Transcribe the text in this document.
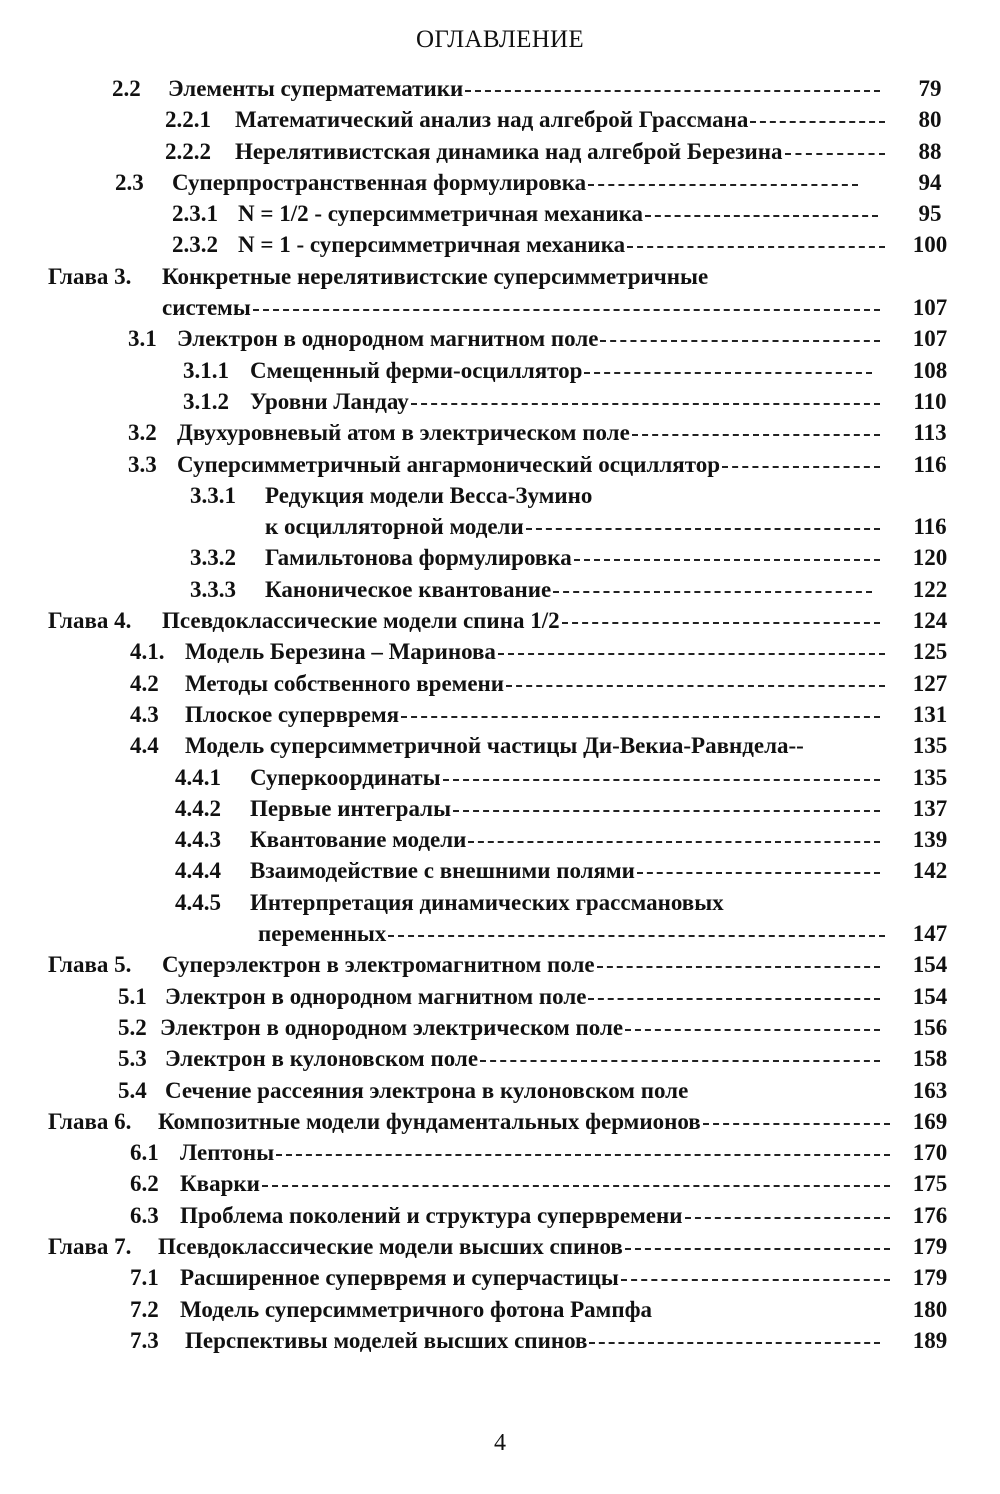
ОГЛАВЛЕНИЕ
2.2 Элементы суперматематики	79
2.2.1 Математический анализ над алгеброй Грассмана	80
2.2.2 Нерелятивистская динамика над алгеброй Березина	88
2.3 Суперпространственная формулировка	94
2.3.1 N = 1/2 - суперсимметричная механика	95
2.3.2 N = 1 - суперсимметричная механика	100
Глава 3. Конкретные нерелятивистские суперсимметричные
системы	107
3.1 Электрон в однородном магнитном поле	107
3.1.1 Смещенный ферми-осциллятор	108
3.1.2 Уровни Ландау	110
3.2 Двухуровневый атом в электрическом поле	113
3.3 Суперсимметричный ангармонический осциллятор	116
3.3.1 Редукция модели Весса-Зумино
к осцилляторной модели	116
3.3.2 Гамильтонова формулировка	120
3.3.3 Каноническое квантование	122
Глава 4. Псевдоклассические модели спина 1/2	124
4.1. Модель Березина – Маринова	125
4.2 Методы собственного времени	127
4.3 Плоское супервремя	131
4.4 Модель суперсимметричной частицы Ди-Векиа-Равндела--	135
4.4.1 Суперкоординаты	135
4.4.2 Первые интегралы	137
4.4.3 Квантование модели	139
4.4.4 Взаимодействие с внешними полями	142
4.4.5 Интерпретация динамических грассмановых
переменных	147
Глава 5. Суперэлектрон в электромагнитном поле	154
5.1 Электрон в однородном магнитном поле	154
5.2 Электрон в однородном электрическом поле	156
5.3 Электрон в кулоновском поле	158
5.4 Сечение рассеяния электрона в кулоновском поле	163
Глава 6. Композитные модели фундаментальных фермионов	169
6.1 Лептоны	170
6.2 Кварки	175
6.3 Проблема поколений и структура супервремени	176
Глава 7. Псевдоклассические модели высших спинов	179
7.1 Расширенное супервремя и суперчастицы	179
7.2 Модель суперсимметричного фотона Рампфа	180
7.3 Перспективы моделей высших спинов	189
4
